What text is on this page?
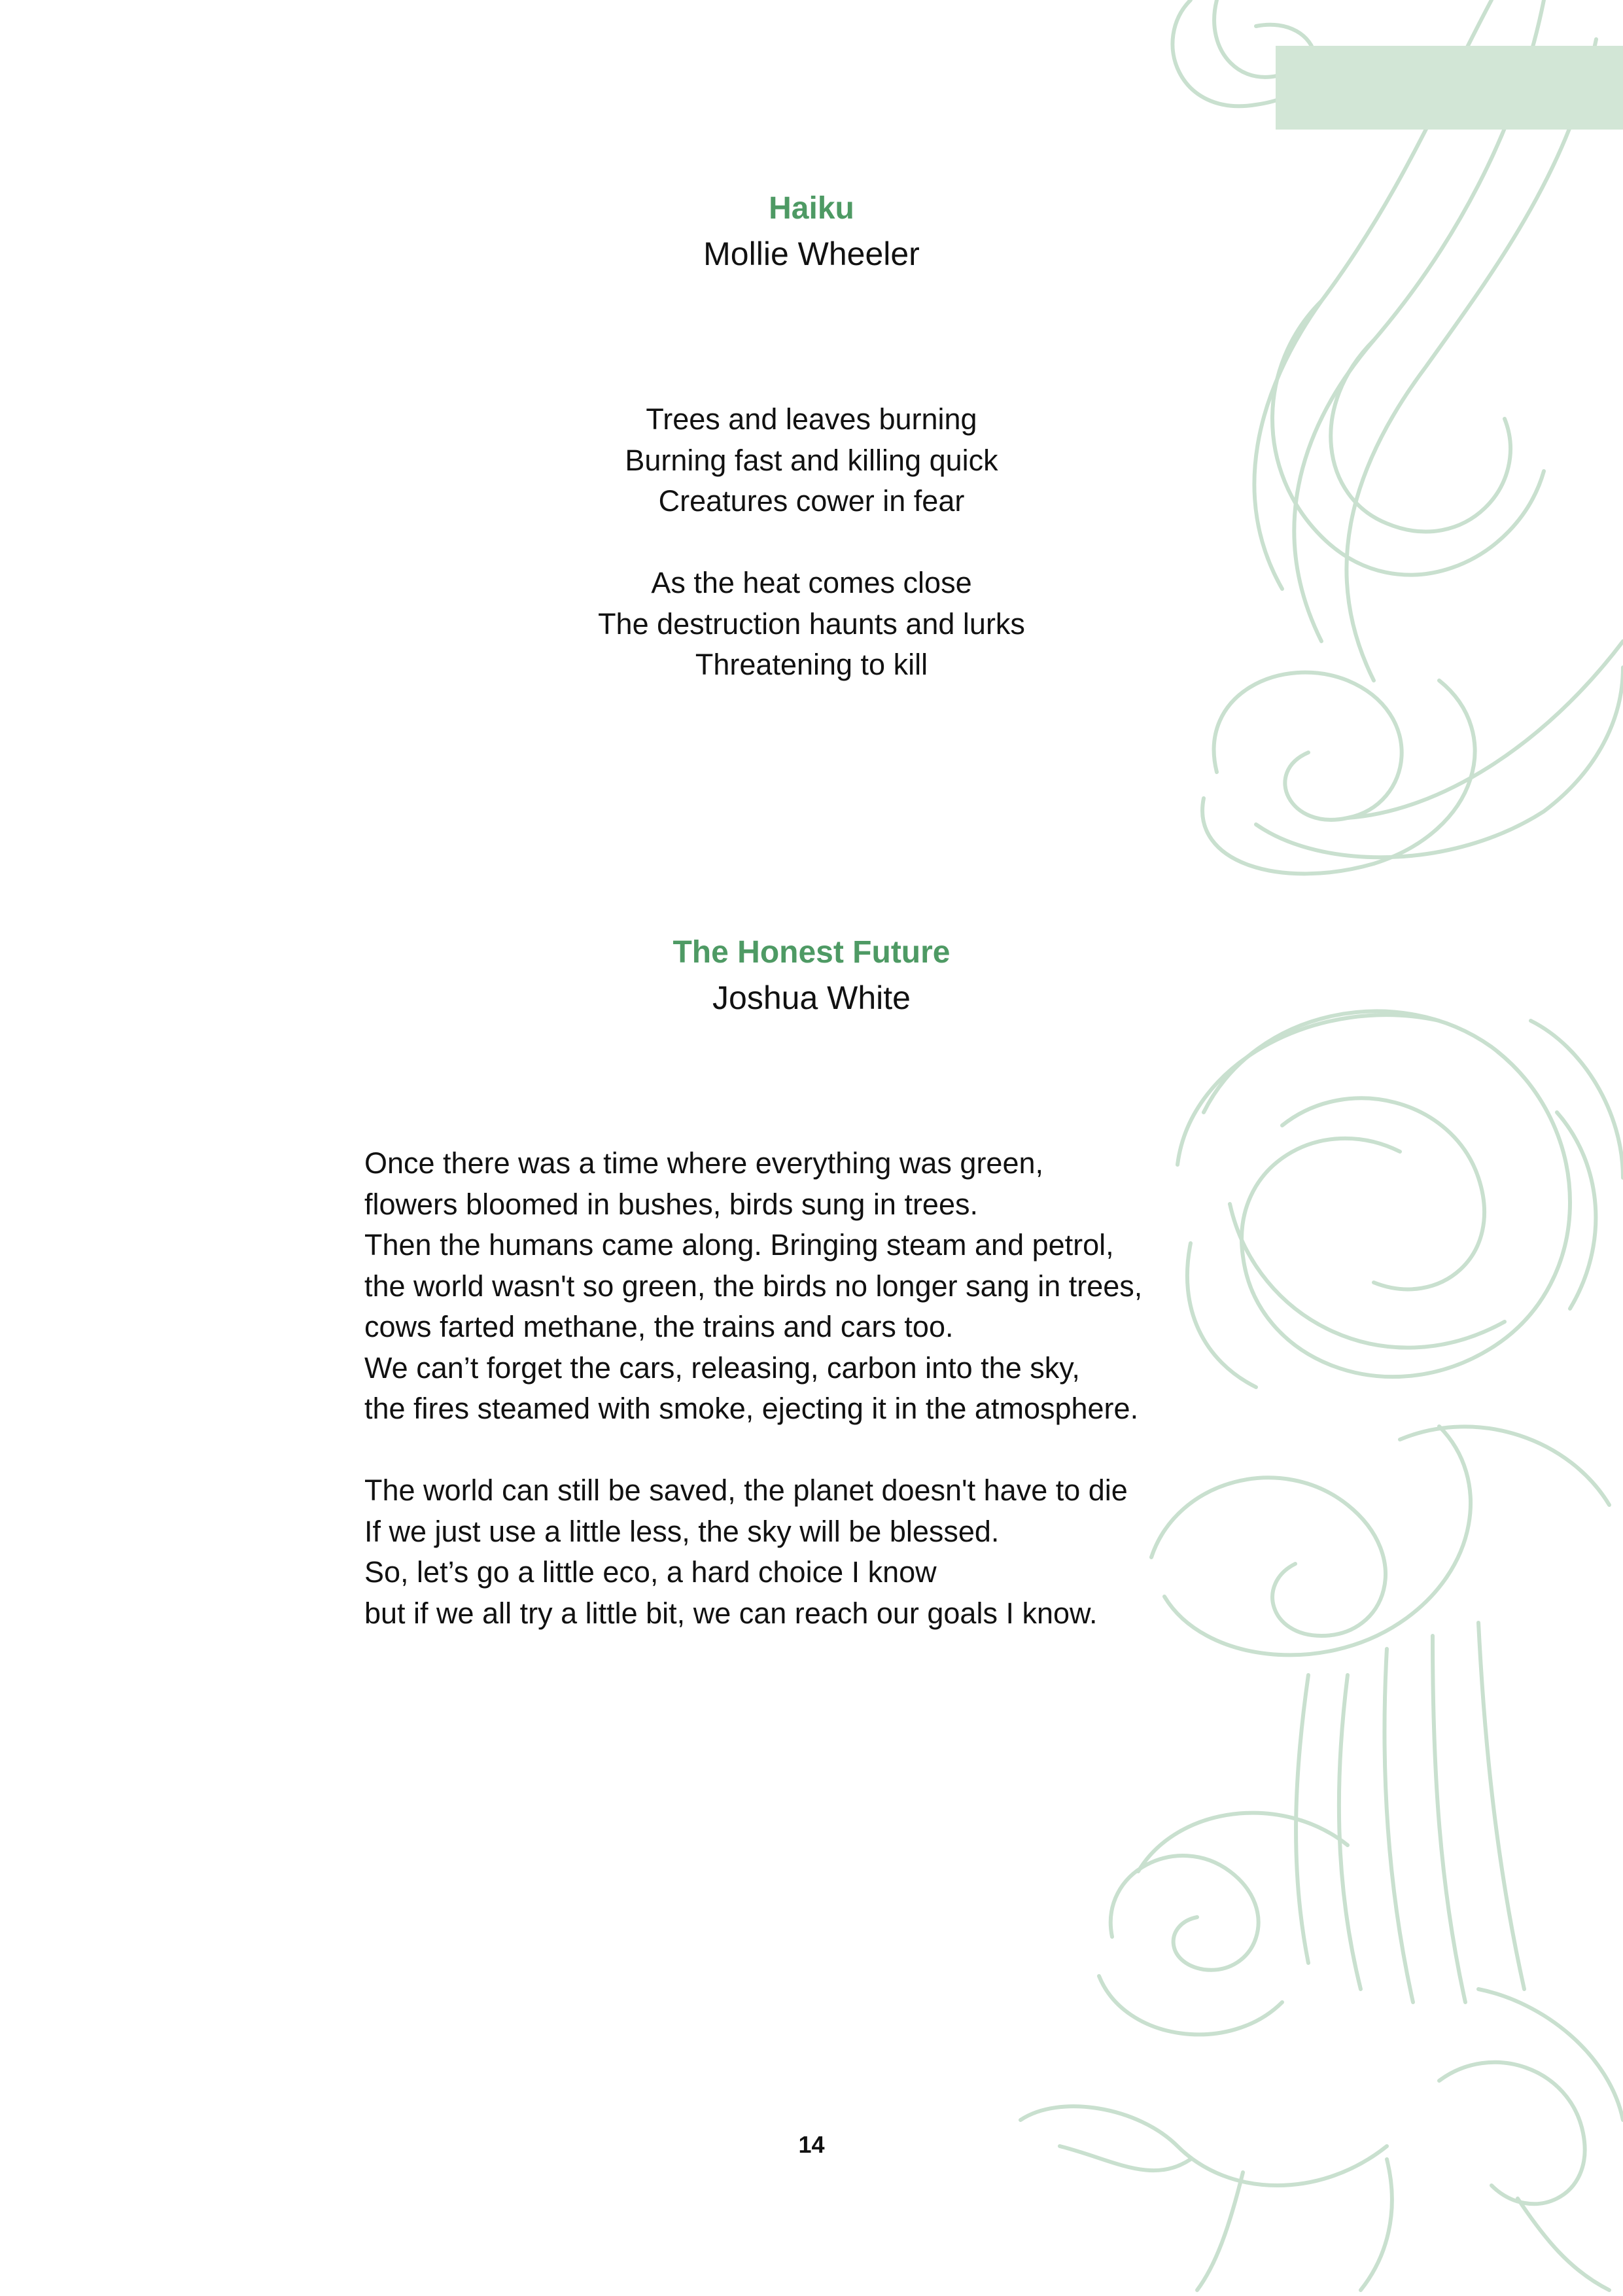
Haiku

Mollie Wheeler

Trees and leaves burning
Burning fast and killing quick
Creatures cower in fear

As the heat comes close
The destruction haunts and lurks
Threatening to kill

The Honest Future

Joshua White

Once there was a time where everything was green,
flowers bloomed in bushes, birds sung in trees.
Then the humans came along. Bringing steam and petrol,
the world wasn't so green, the birds no longer sang in trees,
cows farted methane, the trains and cars too.
We can’t forget the cars, releasing, carbon into the sky,
the fires steamed with smoke, ejecting it in the atmosphere.

The world can still be saved, the planet doesn't have to die
If we just use a little less, the sky will be blessed.
So, let’s go a little eco, a hard choice I know
but if we all try a little bit, we can reach our goals I know.

14
